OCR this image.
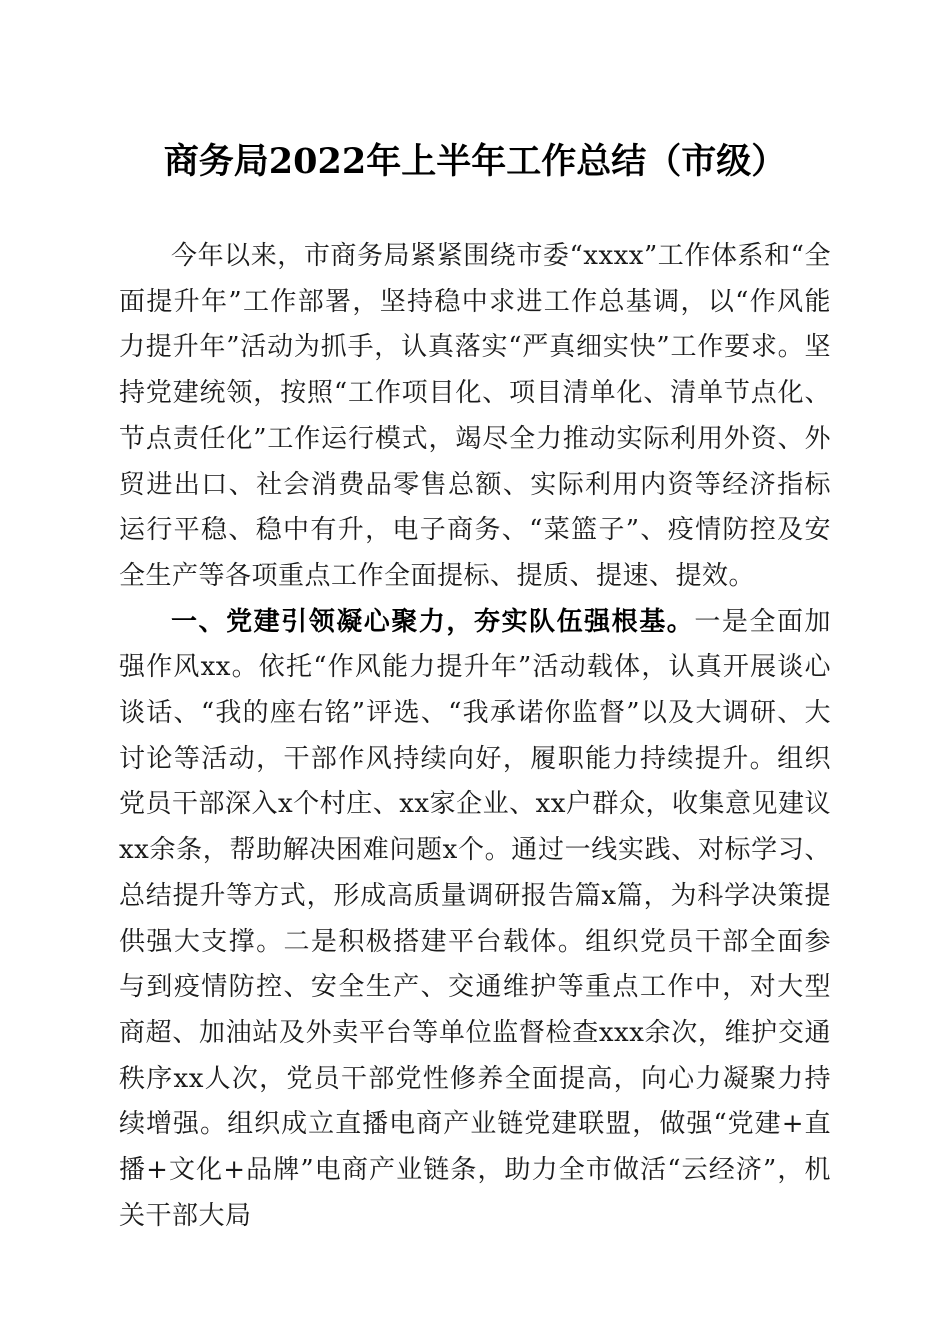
商务局2022年上半年工作总结（市级）

今年以来，市商务局紧紧围绕市委“xxxx”工作体系和“全面提升年”工作部署，坚持稳中求进工作总基调，以“作风能力提升年”活动为抓手，认真落实“严真细实快”工作要求。坚持党建统领，按照“工作项目化、项目清单化、清单节点化、节点责任化”工作运行模式，竭尽全力推动实际利用外资、外贸进出口、社会消费品零售总额、实际利用内资等经济指标运行平稳、稳中有升，电子商务、“菜篮子”、疫情防控及安全生产等各项重点工作全面提标、提质、提速、提效。

一、党建引领凝心聚力，夯实队伍强根基。一是全面加强作风xx。依托“作风能力提升年”活动载体，认真开展谈心谈话、“我的座右铭”评选、“我承诺你监督”以及大调研、大讨论等活动，干部作风持续向好，履职能力持续提升。组织党员干部深入x个村庄、xx家企业、xx户群众，收集意见建议xx余条，帮助解决困难问题x个。通过一线实践、对标学习、总结提升等方式，形成高质量调研报告篇x篇，为科学决策提供强大支撑。二是积极搭建平台载体。组织党员干部全面参与到疫情防控、安全生产、交通维护等重点工作中，对大型商超、加油站及外卖平台等单位监督检查xxx余次，维护交通秩序xx人次，党员干部党性修养全面提高，向心力凝聚力持续增强。组织成立直播电商产业链党建联盟，做强“党建+直播+文化+品牌”电商产业链条，助力全市做活“云经济”，机关干部大局
